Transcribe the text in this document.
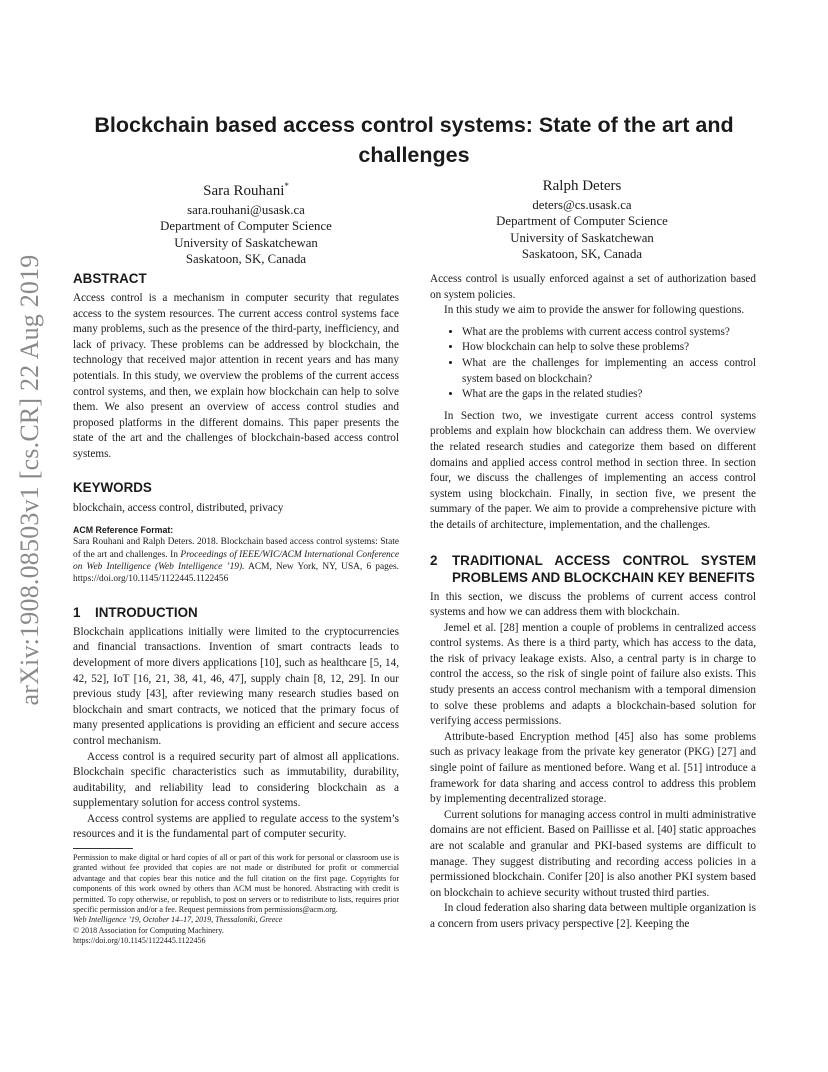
arXiv:1908.08503v1 [cs.CR] 22 Aug 2019
Blockchain based access control systems: State of the art and challenges
Sara Rouhani*
sara.rouhani@usask.ca
Department of Computer Science
University of Saskatchewan
Saskatoon, SK, Canada
Ralph Deters
deters@cs.usask.ca
Department of Computer Science
University of Saskatchewan
Saskatoon, SK, Canada
ABSTRACT

Access control is a mechanism in computer security that regulates access to the system resources. The current access control systems face many problems, such as the presence of the third-party, inefficiency, and lack of privacy. These problems can be addressed by blockchain, the technology that received major attention in recent years and has many potentials. In this study, we overview the problems of the current access control systems, and then, we explain how blockchain can help to solve them. We also present an overview of access control studies and proposed platforms in the different domains. This paper presents the state of the art and the challenges of blockchain-based access control systems.

KEYWORDS

blockchain, access control, distributed, privacy

ACM Reference Format:

Sara Rouhani and Ralph Deters. 2018. Blockchain based access control systems: State of the art and challenges. In Proceedings of IEEE/WIC/ACM International Conference on Web Intelligence (Web Intelligence ’19). ACM, New York, NY, USA, 6 pages. https://doi.org/10.1145/1122445.1122456

1	INTRODUCTION

Blockchain applications initially were limited to the cryptocurrencies and financial transactions. Invention of smart contracts leads to development of more divers applications [10], such as healthcare [5, 14, 42, 52], IoT [16, 21, 38, 41, 46, 47], supply chain [8, 12, 29]. In our previous study [43], after reviewing many research studies based on blockchain and smart contracts, we noticed that the primary focus of many presented applications is providing an efficient and secure access control mechanism.

Access control is a required security part of almost all applications. Blockchain specific characteristics such as immutability, durability, auditability, and reliability lead to considering blockchain as a supplementary solution for access control systems.

Access control systems are applied to regulate access to the system’s resources and it is the fundamental part of computer security.

Permission to make digital or hard copies of all or part of this work for personal or classroom use is granted without fee provided that copies are not made or distributed for profit or commercial advantage and that copies bear this notice and the full citation on the first page. Copyrights for components of this work owned by others than ACM must be honored. Abstracting with credit is permitted. To copy otherwise, or republish, to post on servers or to redistribute to lists, requires prior specific permission and/or a fee. Request permissions from permissions@acm.org.

Web Intelligence ’19, October 14–17, 2019, Thessaloniki, Greece

© 2018 Association for Computing Machinery.

https://doi.org/10.1145/1122445.1122456

Access control is usually enforced against a set of authorization based on system policies.

In this study we aim to provide the answer for following questions.

• What are the problems with current access control systems?
• How blockchain can help to solve these problems?
• What are the challenges for implementing an access control system based on blockchain?
• What are the gaps in the related studies?

In Section two, we investigate current access control systems problems and explain how blockchain can address them. We overview the related research studies and categorize them based on different domains and applied access control method in section three. In section four, we discuss the challenges of implementing an access control system using blockchain. Finally, in section five, we present the summary of the paper. We aim to provide a comprehensive picture with the details of architecture, implementation, and the challenges.

2	TRADITIONAL ACCESS CONTROL SYSTEM PROBLEMS AND BLOCKCHAIN KEY BENEFITS

In this section, we discuss the problems of current access control systems and how we can address them with blockchain.

Jemel et al. [28] mention a couple of problems in centralized access control systems. As there is a third party, which has access to the data, the risk of privacy leakage exists. Also, a central party is in charge to control the access, so the risk of single point of failure also exists. This study presents an access control mechanism with a temporal dimension to solve these problems and adapts a blockchain-based solution for verifying access permissions.

Attribute-based Encryption method [45] also has some problems such as privacy leakage from the private key generator (PKG) [27] and single point of failure as mentioned before. Wang et al. [51] introduce a framework for data sharing and access control to address this problem by implementing decentralized storage.

Current solutions for managing access control in multi administrative domains are not efficient. Based on Paillisse et al. [40] static approaches are not scalable and granular and PKI-based systems are difficult to manage. They suggest distributing and recording access policies in a permissioned blockchain. Conifer [20] is also another PKI system based on blockchain to achieve security without trusted third parties.

In cloud federation also sharing data between multiple organization is a concern from users privacy perspective [2]. Keeping the
